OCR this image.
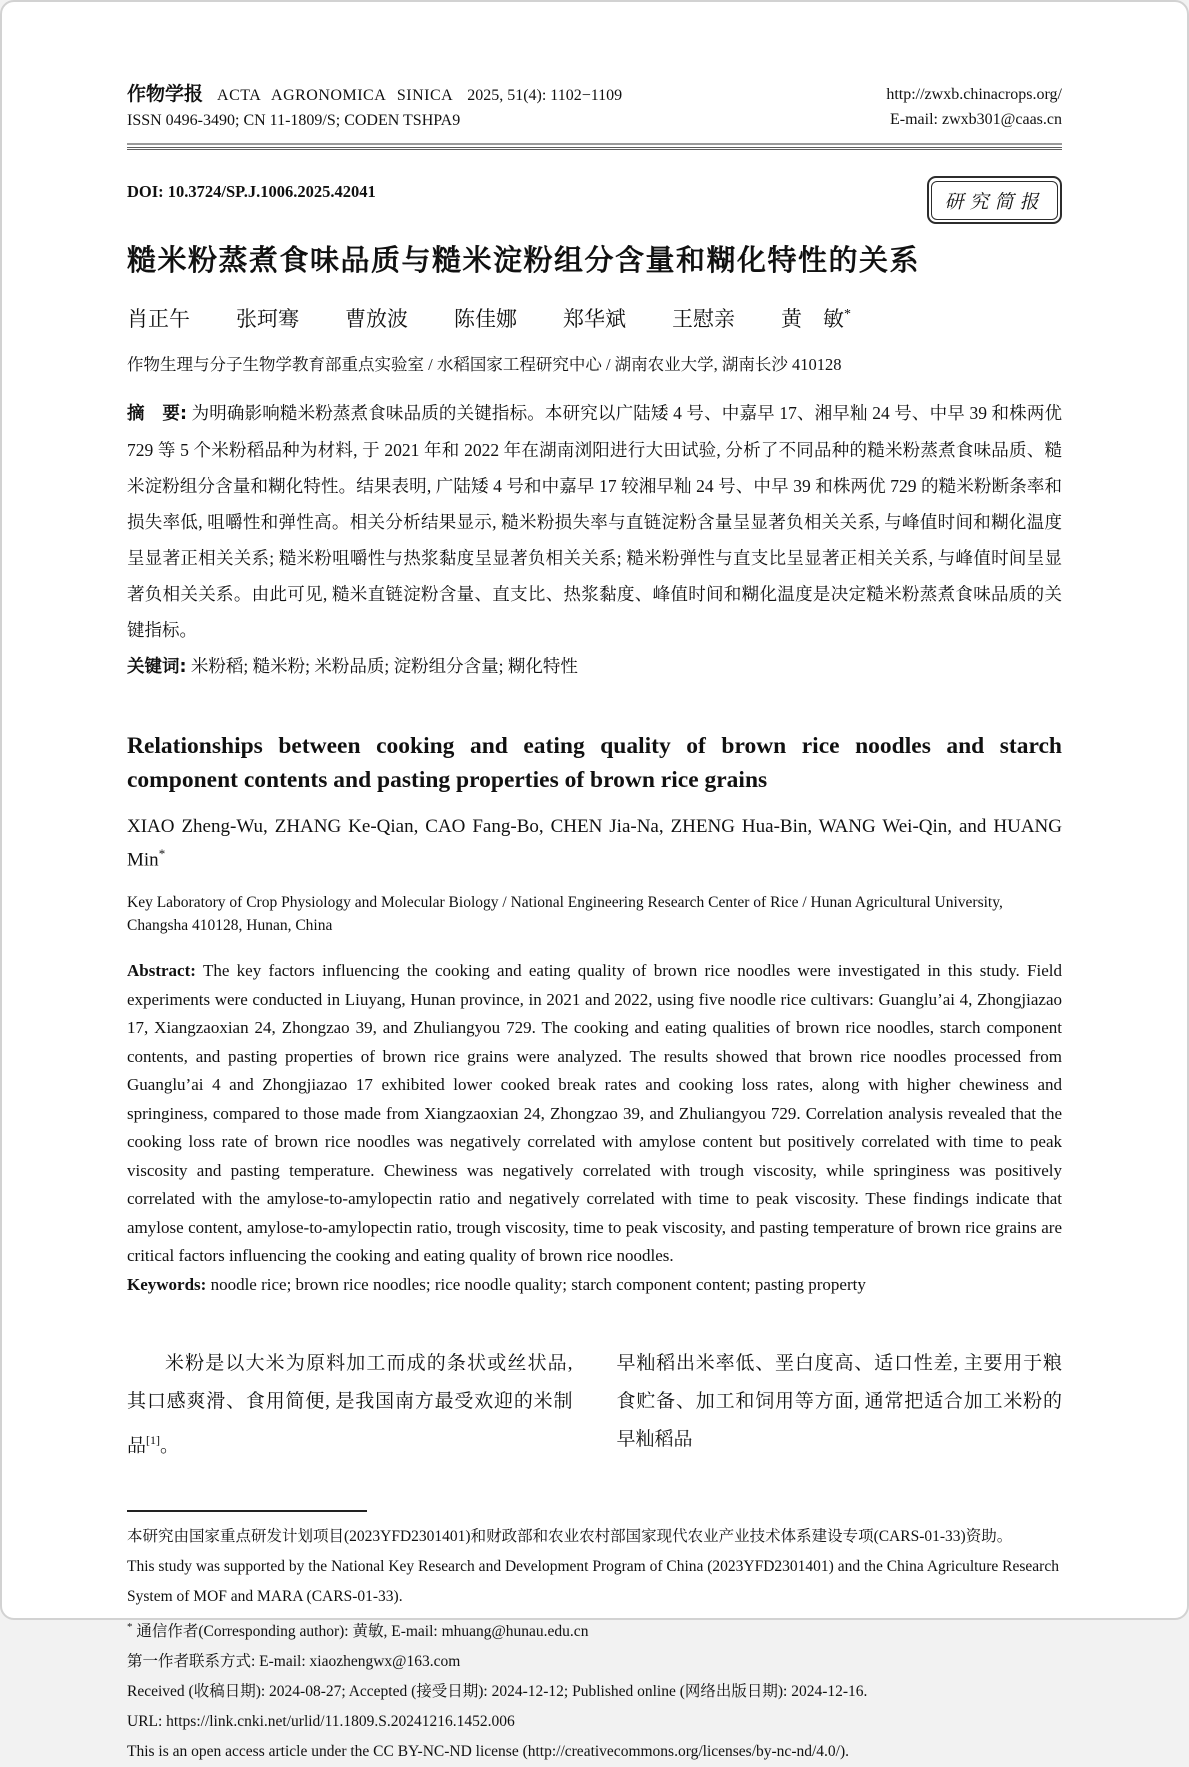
作物学报 ACTA AGRONOMICA SINICA 2025, 51(4): 1102−1109
ISSN 0496-3490; CN 11-1809/S; CODEN TSHPA9
http://zwxb.chinacrops.org/
E-mail: zwxb301@caas.cn
DOI: 10.3724/SP.J.1006.2025.42041	研究简报
糙米粉蒸煮食味品质与糙米淀粉组分含量和糊化特性的关系
肖正午 张珂骞 曹放波 陈佳娜 郑华斌 王慰亲 黄　敏*
作物生理与分子生物学教育部重点实验室 / 水稻国家工程研究中心 / 湖南农业大学, 湖南长沙 410128

摘　要: 为明确影响糙米粉蒸煮食味品质的关键指标。本研究以广陆矮 4 号、中嘉早 17、湘早籼 24 号、中早 39 和株两优 729 等 5 个米粉稻品种为材料, 于 2021 年和 2022 年在湖南浏阳进行大田试验, 分析了不同品种的糙米粉蒸煮食味品质、糙米淀粉组分含量和糊化特性。结果表明, 广陆矮 4 号和中嘉早 17 较湘早籼 24 号、中早 39 和株两优 729 的糙米粉断条率和损失率低, 咀嚼性和弹性高。相关分析结果显示, 糙米粉损失率与直链淀粉含量呈显著负相关关系, 与峰值时间和糊化温度呈显著正相关关系; 糙米粉咀嚼性与热浆黏度呈显著负相关关系; 糙米粉弹性与直支比呈显著正相关关系, 与峰值时间呈显著负相关关系。由此可见, 糙米直链淀粉含量、直支比、热浆黏度、峰值时间和糊化温度是决定糙米粉蒸煮食味品质的关键指标。

关键词: 米粉稻; 糙米粉; 米粉品质; 淀粉组分含量; 糊化特性

Relationships between cooking and eating quality of brown rice noodles and starch component contents and pasting properties of brown rice grains
XIAO Zheng-Wu, ZHANG Ke-Qian, CAO Fang-Bo, CHEN Jia-Na, ZHENG Hua-Bin, WANG Wei-Qin, and HUANG Min*
Key Laboratory of Crop Physiology and Molecular Biology / National Engineering Research Center of Rice / Hunan Agricultural University, Changsha 410128, Hunan, China

Abstract: The key factors influencing the cooking and eating quality of brown rice noodles were investigated in this study. Field experiments were conducted in Liuyang, Hunan province, in 2021 and 2022, using five noodle rice cultivars: Guanglu’ai 4, Zhongjiazao 17, Xiangzaoxian 24, Zhongzao 39, and Zhuliangyou 729. The cooking and eating qualities of brown rice noodles, starch component contents, and pasting properties of brown rice grains were analyzed. The results showed that brown rice noodles processed from Guanglu’ai 4 and Zhongjiazao 17 exhibited lower cooked break rates and cooking loss rates, along with higher chewiness and springiness, compared to those made from Xiangzaoxian 24, Zhongzao 39, and Zhuliangyou 729. Correlation analysis revealed that the cooking loss rate of brown rice noodles was negatively correlated with amylose content but positively correlated with time to peak viscosity and pasting temperature. Chewiness was negatively correlated with trough viscosity, while springiness was positively correlated with the amylose-to-amylopectin ratio and negatively correlated with time to peak viscosity. These findings indicate that amylose content, amylose-to-amylopectin ratio, trough viscosity, time to peak viscosity, and pasting temperature of brown rice grains are critical factors influencing the cooking and eating quality of brown rice noodles.

Keywords: noodle rice; brown rice noodles; rice noodle quality; starch component content; pasting property

米粉是以大米为原料加工而成的条状或丝状品, 其口感爽滑、食用简便, 是我国南方最受欢迎的米制品[1]。

早籼稻出米率低、垩白度高、适口性差, 主要用于粮食贮备、加工和饲用等方面, 通常把适合加工米粉的早籼稻品

本研究由国家重点研发计划项目(2023YFD2301401)和财政部和农业农村部国家现代农业产业技术体系建设专项(CARS-01-33)资助。
This study was supported by the National Key Research and Development Program of China (2023YFD2301401) and the China Agriculture Research System of MOF and MARA (CARS-01-33).
* 通信作者(Corresponding author): 黄敏, E-mail: mhuang@hunau.edu.cn
第一作者联系方式: E-mail: xiaozhengwx@163.com
Received (收稿日期): 2024-08-27; Accepted (接受日期): 2024-12-12; Published online (网络出版日期): 2024-12-16.
URL: https://link.cnki.net/urlid/11.1809.S.20241216.1452.006
This is an open access article under the CC BY-NC-ND license (http://creativecommons.org/licenses/by-nc-nd/4.0/).
